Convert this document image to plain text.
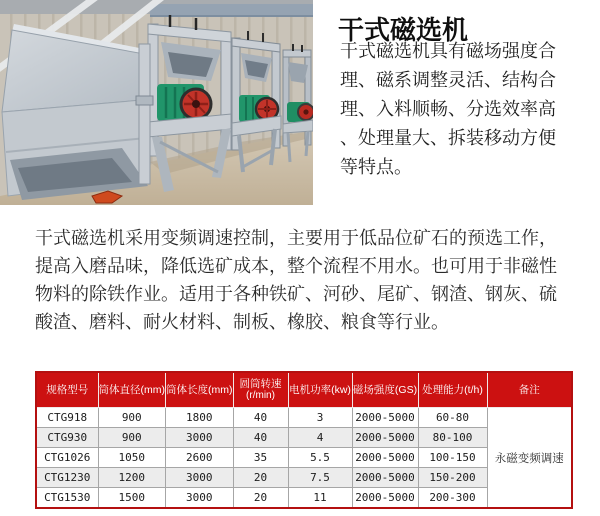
干式磁选机
干式磁选机具有磁场强度合
理、磁系调整灵活、结构合
理、入料顺畅、分选效率高
、处理量大、拆装移动方便
等特点。
干式磁选机采用变频调速控制，主要用于低品位矿石的预选工作，
提高入磨品味，降低选矿成本，整个流程不用水。也可用于非磁性
物料的除铁作业。适用于各种铁矿、河砂、尾矿、钢渣、钢灰、硫
酸渣、磨料、耐火材料、制板、橡胶、粮食等行业。
规格型号	筒体直径(mm)	筒体长度(mm)	圆筒转速
(r/min)	电机功率(kw)	磁场强度(GS)	处理能力(t/h)	备注
CTG918	900	1800	40	3	2000-5000	60-80	永磁变频调速
CTG930	900	3000	40	4	2000-5000	80-100	
CTG1026	1050	2600	35	5.5	2000-5000	100-150	
CTG1230	1200	3000	20	7.5	2000-5000	150-200	
CTG1530	1500	3000	20	11	2000-5000	200-300	
